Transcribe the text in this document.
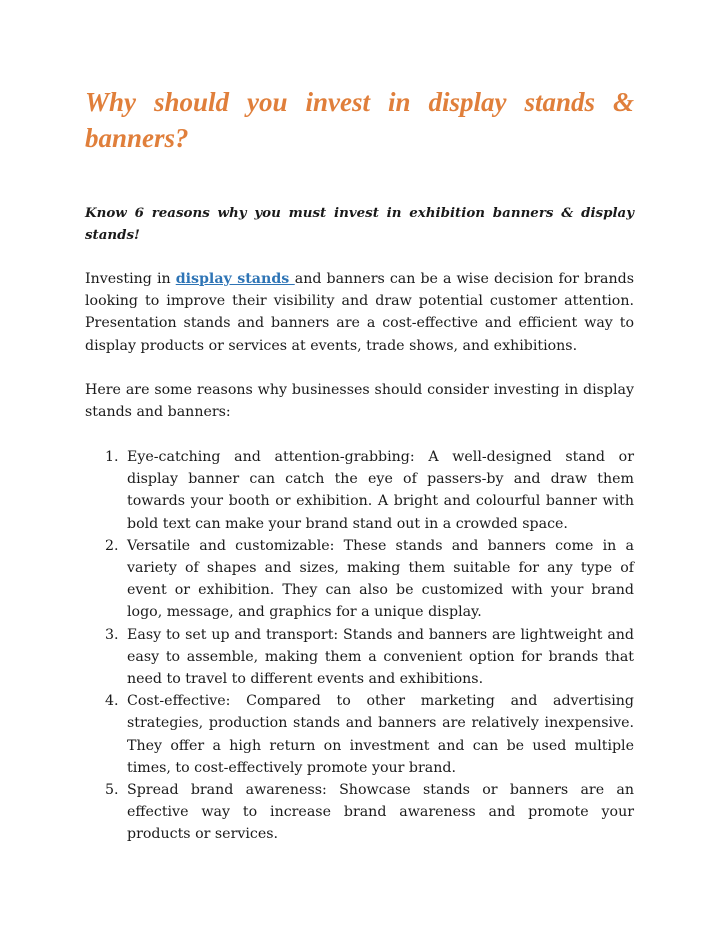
Why should you invest in display stands & banners?

Know 6 reasons why you must invest in exhibition banners & display stands!

Investing in display stands and banners can be a wise decision for brands looking to improve their visibility and draw potential customer attention. Presentation stands and banners are a cost-effective and efficient way to display products or services at events, trade shows, and exhibitions.

Here are some reasons why businesses should consider investing in display stands and banners:

1. Eye-catching and attention-grabbing: A well-designed stand or display banner can catch the eye of passers-by and draw them towards your booth or exhibition. A bright and colourful banner with bold text can make your brand stand out in a crowded space.
2. Versatile and customizable: These stands and banners come in a variety of shapes and sizes, making them suitable for any type of event or exhibition. They can also be customized with your brand logo, message, and graphics for a unique display.
3. Easy to set up and transport: Stands and banners are lightweight and easy to assemble, making them a convenient option for brands that need to travel to different events and exhibitions.
4. Cost-effective: Compared to other marketing and advertising strategies, production stands and banners are relatively inexpensive. They offer a high return on investment and can be used multiple times, to cost-effectively promote your brand.
5. Spread brand awareness: Showcase stands or banners are an effective way to increase brand awareness and promote your products or services.
